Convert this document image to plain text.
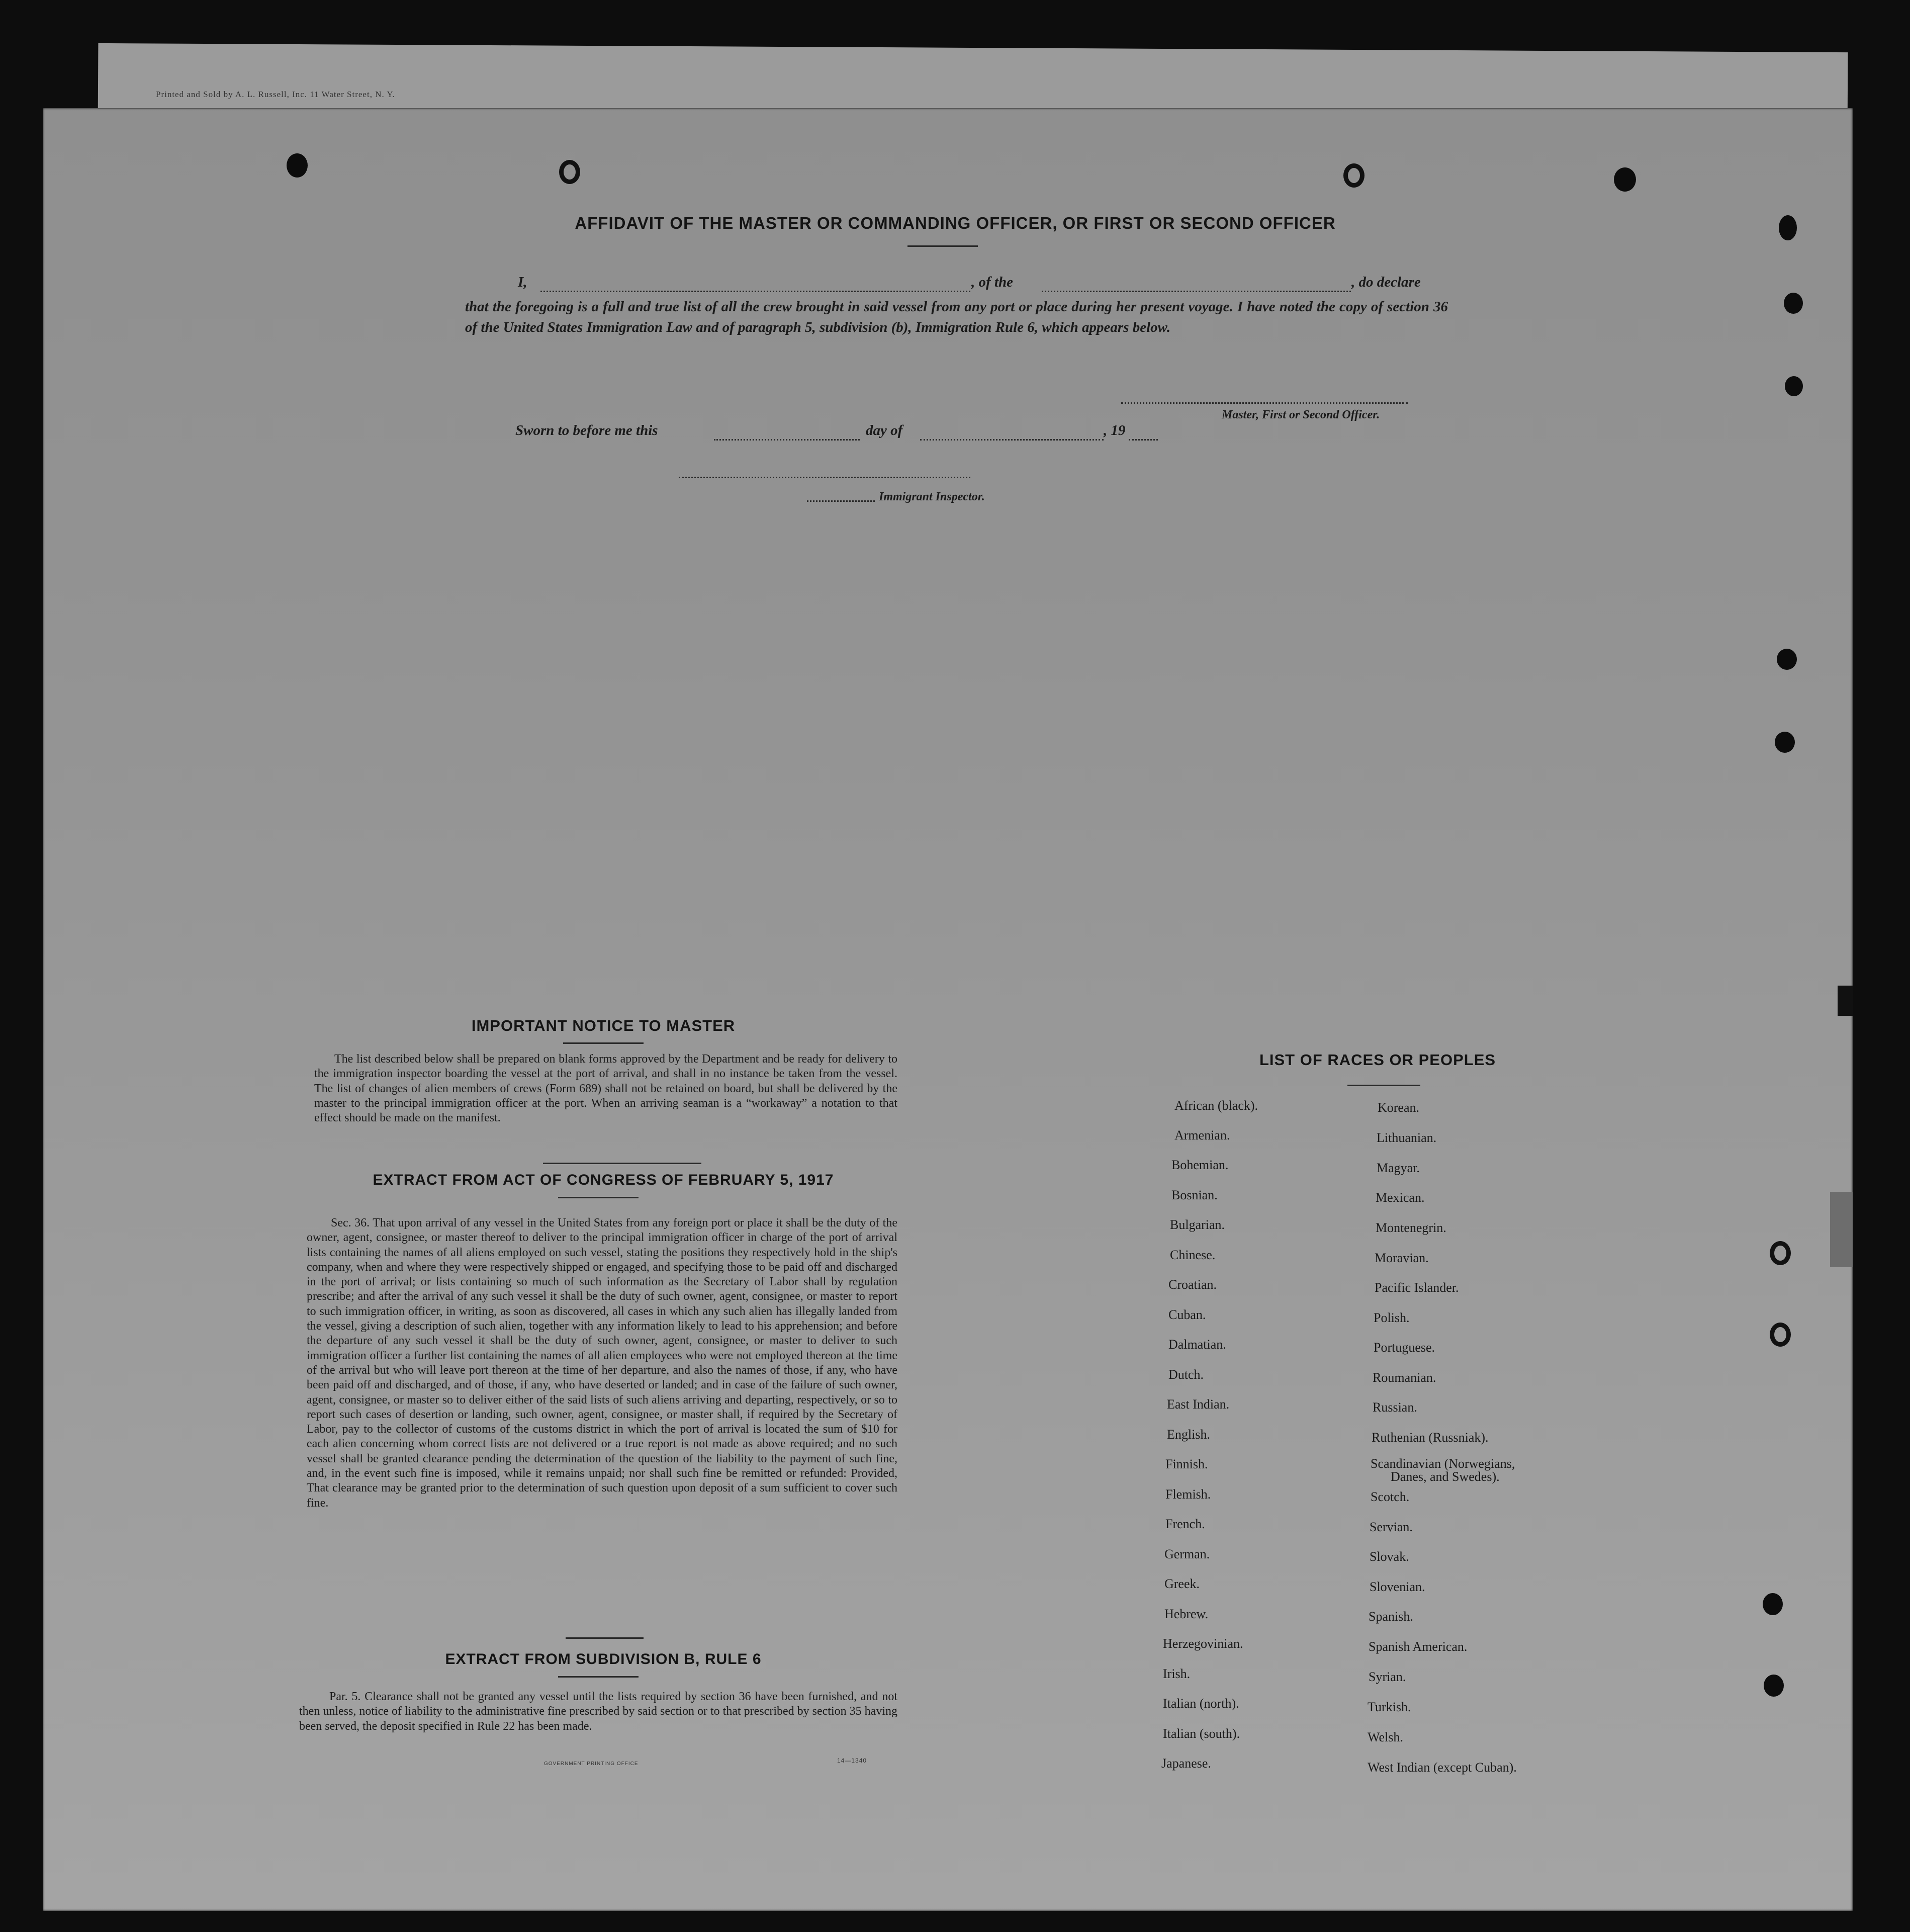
Printed and Sold by A. L. Russell, Inc. 11 Water Street, N. Y.
AFFIDAVIT OF THE MASTER OR COMMANDING OFFICER, OR FIRST OR SECOND OFFICER
I,	, of the	, do declare
that the foregoing is a full and true list of all the crew brought in said vessel from any port or place during her present voyage. I have noted the copy of section 36 of the United States Immigration Law and of paragraph 5, subdivision (b), Immigration Rule 6, which appears below.
Master, First or Second Officer.
Sworn to before me this	day of	, 19
Immigrant Inspector.
IMPORTANT NOTICE TO MASTER
The list described below shall be prepared on blank forms approved by the Department and be ready for delivery to the immigration inspector boarding the vessel at the port of arrival, and shall in no instance be taken from the vessel. The list of changes of alien members of crews (Form 689) shall not be retained on board, but shall be delivered by the master to the principal immigration officer at the port. When an arriving seaman is a “workaway” a notation to that effect should be made on the manifest.
EXTRACT FROM ACT OF CONGRESS OF FEBRUARY 5, 1917
Sec. 36. That upon arrival of any vessel in the United States from any foreign port or place it shall be the duty of the owner, agent, consignee, or master thereof to deliver to the principal immigration officer in charge of the port of arrival lists containing the names of all aliens employed on such vessel, stating the positions they respectively hold in the ship's company, when and where they were respectively shipped or engaged, and specifying those to be paid off and discharged in the port of arrival; or lists containing so much of such information as the Secretary of Labor shall by regulation prescribe; and after the arrival of any such vessel it shall be the duty of such owner, agent, consignee, or master to report to such immigration officer, in writing, as soon as discovered, all cases in which any such alien has illegally landed from the vessel, giving a description of such alien, together with any information likely to lead to his apprehension; and before the departure of any such vessel it shall be the duty of such owner, agent, consignee, or master to deliver to such immigration officer a further list containing the names of all alien employees who were not employed thereon at the time of the arrival but who will leave port thereon at the time of her departure, and also the names of those, if any, who have been paid off and discharged, and of those, if any, who have deserted or landed; and in case of the failure of such owner, agent, consignee, or master so to deliver either of the said lists of such aliens arriving and departing, respectively, or so to report such cases of desertion or landing, such owner, agent, consignee, or master shall, if required by the Secretary of Labor, pay to the collector of customs of the customs district in which the port of arrival is located the sum of $10 for each alien concerning whom correct lists are not delivered or a true report is not made as above required; and no such vessel shall be granted clearance pending the determination of the question of the liability to the payment of such fine, and, in the event such fine is imposed, while it remains unpaid; nor shall such fine be remitted or refunded: Provided, That clearance may be granted prior to the determination of such question upon deposit of a sum sufficient to cover such fine.
EXTRACT FROM SUBDIVISION B, RULE 6
Par. 5. Clearance shall not be granted any vessel until the lists required by section 36 have been furnished, and not then unless, notice of liability to the administrative fine prescribed by said section or to that prescribed by section 35 having been served, the deposit specified in Rule 22 has been made.
GOVERNMENT PRINTING OFFICE	14—1340
LIST OF RACES OR PEOPLES
African (black).
Armenian.
Bohemian.
Bosnian.
Bulgarian.
Chinese.
Croatian.
Cuban.
Dalmatian.
Dutch.
East Indian.
English.
Finnish.
Flemish.
French.
German.
Greek.
Hebrew.
Herzegovinian.
Irish.
Italian (north).
Italian (south).
Japanese.
Korean.
Lithuanian.
Magyar.
Mexican.
Montenegrin.
Moravian.
Pacific Islander.
Polish.
Portuguese.
Roumanian.
Russian.
Ruthenian (Russniak).
Scandinavian (Norwegians,
Danes, and Swedes).
Scotch.
Servian.
Slovak.
Slovenian.
Spanish.
Spanish American.
Syrian.
Turkish.
Welsh.
West Indian (except Cuban).
